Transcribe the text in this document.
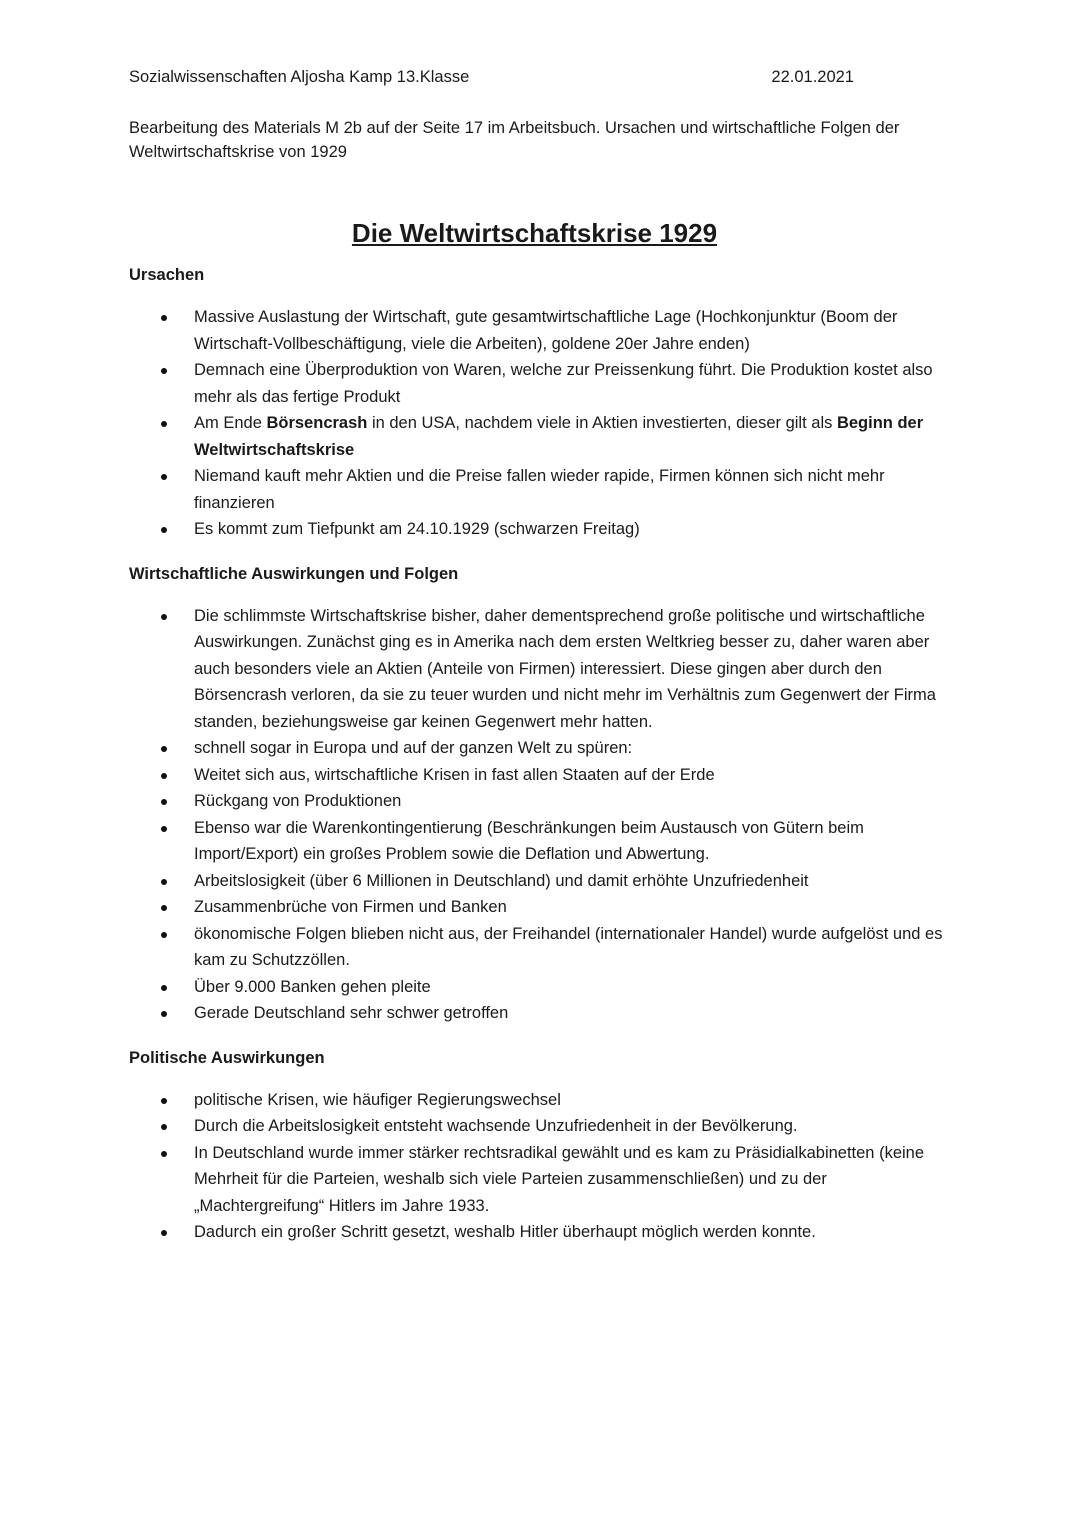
Sozialwissenschaften Aljosha Kamp 13.Klasse	22.01.2021
Bearbeitung des Materials M 2b auf der Seite 17 im Arbeitsbuch. Ursachen und wirtschaftliche Folgen der Weltwirtschaftskrise von 1929
Die Weltwirtschaftskrise 1929
Ursachen
Massive Auslastung der Wirtschaft, gute gesamtwirtschaftliche Lage (Hochkonjunktur (Boom der Wirtschaft-Vollbeschäftigung, viele die Arbeiten), goldene 20er Jahre enden)
Demnach eine Überproduktion von Waren, welche zur Preissenkung führt. Die Produktion kostet also mehr als das fertige Produkt
Am Ende Börsencrash in den USA, nachdem viele in Aktien investierten, dieser gilt als Beginn der Weltwirtschaftskrise
Niemand kauft mehr Aktien und die Preise fallen wieder rapide, Firmen können sich nicht mehr finanzieren
Es kommt zum Tiefpunkt am 24.10.1929 (schwarzen Freitag)
Wirtschaftliche Auswirkungen und Folgen
Die schlimmste Wirtschaftskrise bisher, daher dementsprechend große politische und wirtschaftliche Auswirkungen. Zunächst ging es in Amerika nach dem ersten Weltkrieg besser zu, daher waren aber auch besonders viele an Aktien (Anteile von Firmen) interessiert. Diese gingen aber durch den Börsencrash verloren, da sie zu teuer wurden und nicht mehr im Verhältnis zum Gegenwert der Firma standen, beziehungsweise gar keinen Gegenwert mehr hatten.
schnell sogar in Europa und auf der ganzen Welt zu spüren:
Weitet sich aus, wirtschaftliche Krisen in fast allen Staaten auf der Erde
Rückgang von Produktionen
Ebenso war die Warenkontingentierung (Beschränkungen beim Austausch von Gütern beim Import/Export) ein großes Problem sowie die Deflation und Abwertung.
Arbeitslosigkeit (über 6 Millionen in Deutschland) und damit erhöhte Unzufriedenheit
Zusammenbrüche von Firmen und Banken
ökonomische Folgen blieben nicht aus, der Freihandel (internationaler Handel) wurde aufgelöst und es kam zu Schutzzöllen.
Über 9.000 Banken gehen pleite
Gerade Deutschland sehr schwer getroffen
Politische Auswirkungen
politische Krisen, wie häufiger Regierungswechsel
Durch die Arbeitslosigkeit entsteht wachsende Unzufriedenheit in der Bevölkerung.
In Deutschland wurde immer stärker rechtsradikal gewählt und es kam zu Präsidialkabinetten (keine Mehrheit für die Parteien, weshalb sich viele Parteien zusammenschließen) und zu der „Machtergreifung“ Hitlers im Jahre 1933.
Dadurch ein großer Schritt gesetzt, weshalb Hitler überhaupt möglich werden konnte.
